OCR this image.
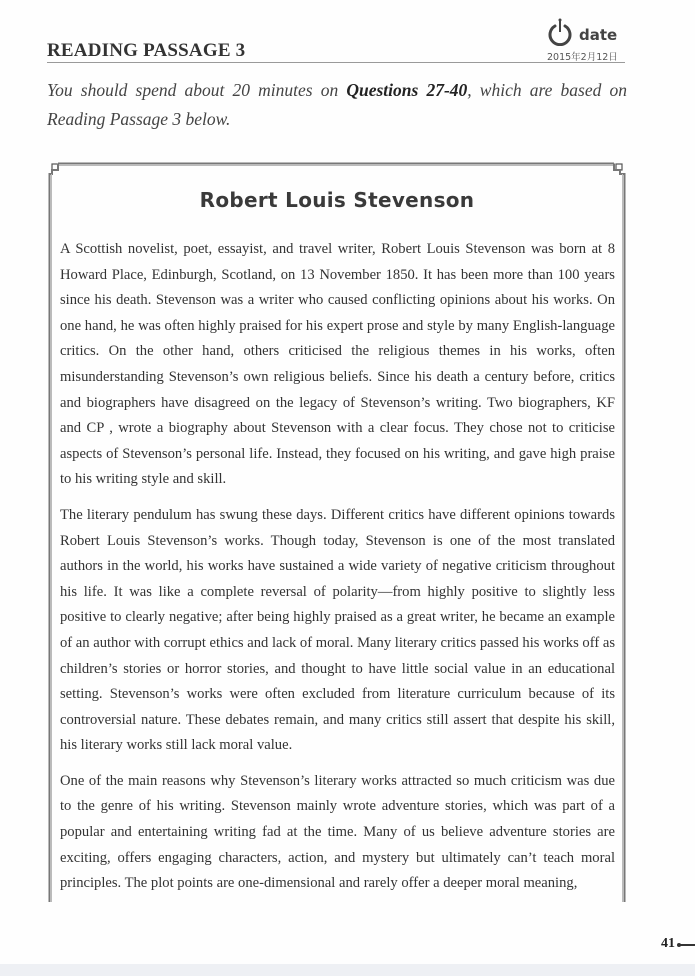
READING PASSAGE 3
date
2015年2月12日
You should spend about 20 minutes on Questions 27-40, which are based on Reading Passage 3 below.
Robert Louis Stevenson

A Scottish novelist, poet, essayist, and travel writer, Robert Louis Stevenson was born at 8 Howard Place, Edinburgh, Scotland, on 13 November 1850. It has been more than 100 years since his death. Stevenson was a writer who caused conflicting opinions about his works. On one hand, he was often highly praised for his expert prose and style by many English-language critics. On the other hand, others criticised the religious themes in his works, often misunderstanding Stevenson’s own religious beliefs. Since his death a century before, critics and biographers have disagreed on the legacy of Stevenson’s writing. Two biographers, KF and CP , wrote a biography about Stevenson with a clear focus. They chose not to criticise aspects of Stevenson’s personal life. Instead, they focused on his writing, and gave high praise to his writing style and skill.

The literary pendulum has swung these days. Different critics have different opinions towards Robert Louis Stevenson’s works. Though today, Stevenson is one of the most translated authors in the world, his works have sustained a wide variety of negative criticism throughout his life. It was like a complete reversal of polarity—from highly positive to slightly less positive to clearly negative; after being highly praised as a great writer, he became an example of an author with corrupt ethics and lack of moral. Many literary critics passed his works off as children’s stories or horror stories, and thought to have little social value in an educational setting. Stevenson’s works were often excluded from literature curriculum because of its controversial nature. These debates remain, and many critics still assert that despite his skill, his literary works still lack moral value.

One of the main reasons why Stevenson’s literary works attracted so much criticism was due to the genre of his writing. Stevenson mainly wrote adventure stories, which was part of a popular and entertaining writing fad at the time. Many of us believe adventure stories are exciting, offers engaging characters, action, and mystery but ultimately can’t teach moral principles. The plot points are one-dimensional and rarely offer a deeper moral meaning,

41
